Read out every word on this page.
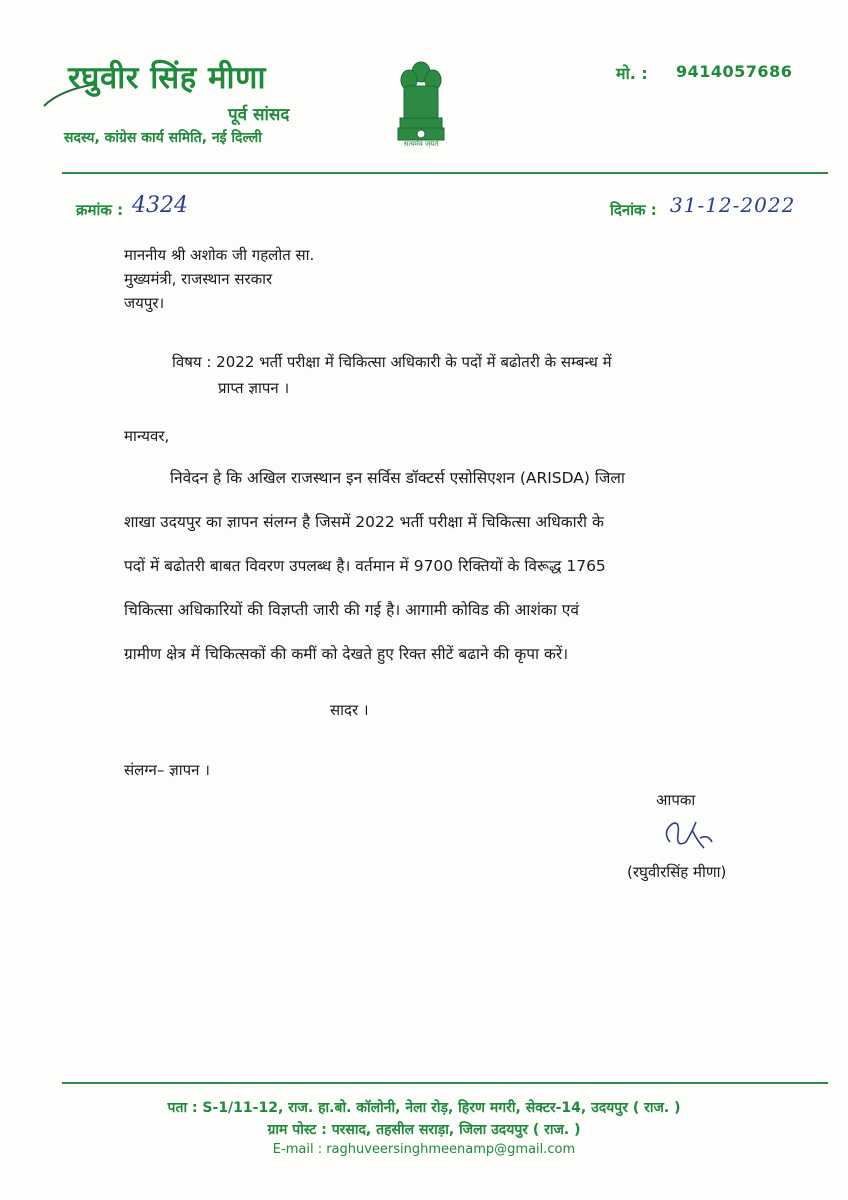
रघुवीर सिंह मीणा
पूर्व सांसद
सदस्य, कांग्रेस कार्य समिति, नई दिल्ली	सत्यमेव जयते
मो. : 9414057686
क्रमांक : 4324	दिनांक : 31-12-2022
माननीय श्री अशोक जी गहलोत सा.
मुख्यमंत्री, राजस्थान सरकार
जयपुर।
विषय : 2022 भर्ती परीक्षा में चिकित्सा अधिकारी के पदों में बढोतरी के सम्बन्ध में
प्राप्त ज्ञापन ।
मान्यवर,
निवेदन हे कि अखिल राजस्थान इन सर्विस डॉक्टर्स एसोसिएशन (ARISDA) जिला
शाखा उदयपुर का ज्ञापन संलग्न है जिसमें 2022 भर्ती परीक्षा में चिकित्सा अधिकारी के
पदों में बढोतरी बाबत विवरण उपलब्ध है। वर्तमान में 9700 रिक्तियों के विरूद्ध 1765
चिकित्सा अधिकारियों की विज्ञप्ती जारी की गई है। आगामी कोविड की आशंका एवं
ग्रामीण क्षेत्र में चिकित्सकों की कमीं को देखते हुए रिक्त सीटें बढाने की कृपा करें।
सादर ।
संलग्न– ज्ञापन ।
आपका
(रघुवीरसिंह मीणा)
पता : S-1/11-12, राज. हा.बो. कॉलोनी, नेला रोड़, हिरण मगरी, सेक्टर-14, उदयपुर ( राज. )
ग्राम पोस्ट : परसाद, तहसील सराड़ा, जिला उदयपुर ( राज. )
E-mail : raghuveersinghmeenamp@gmail.com
